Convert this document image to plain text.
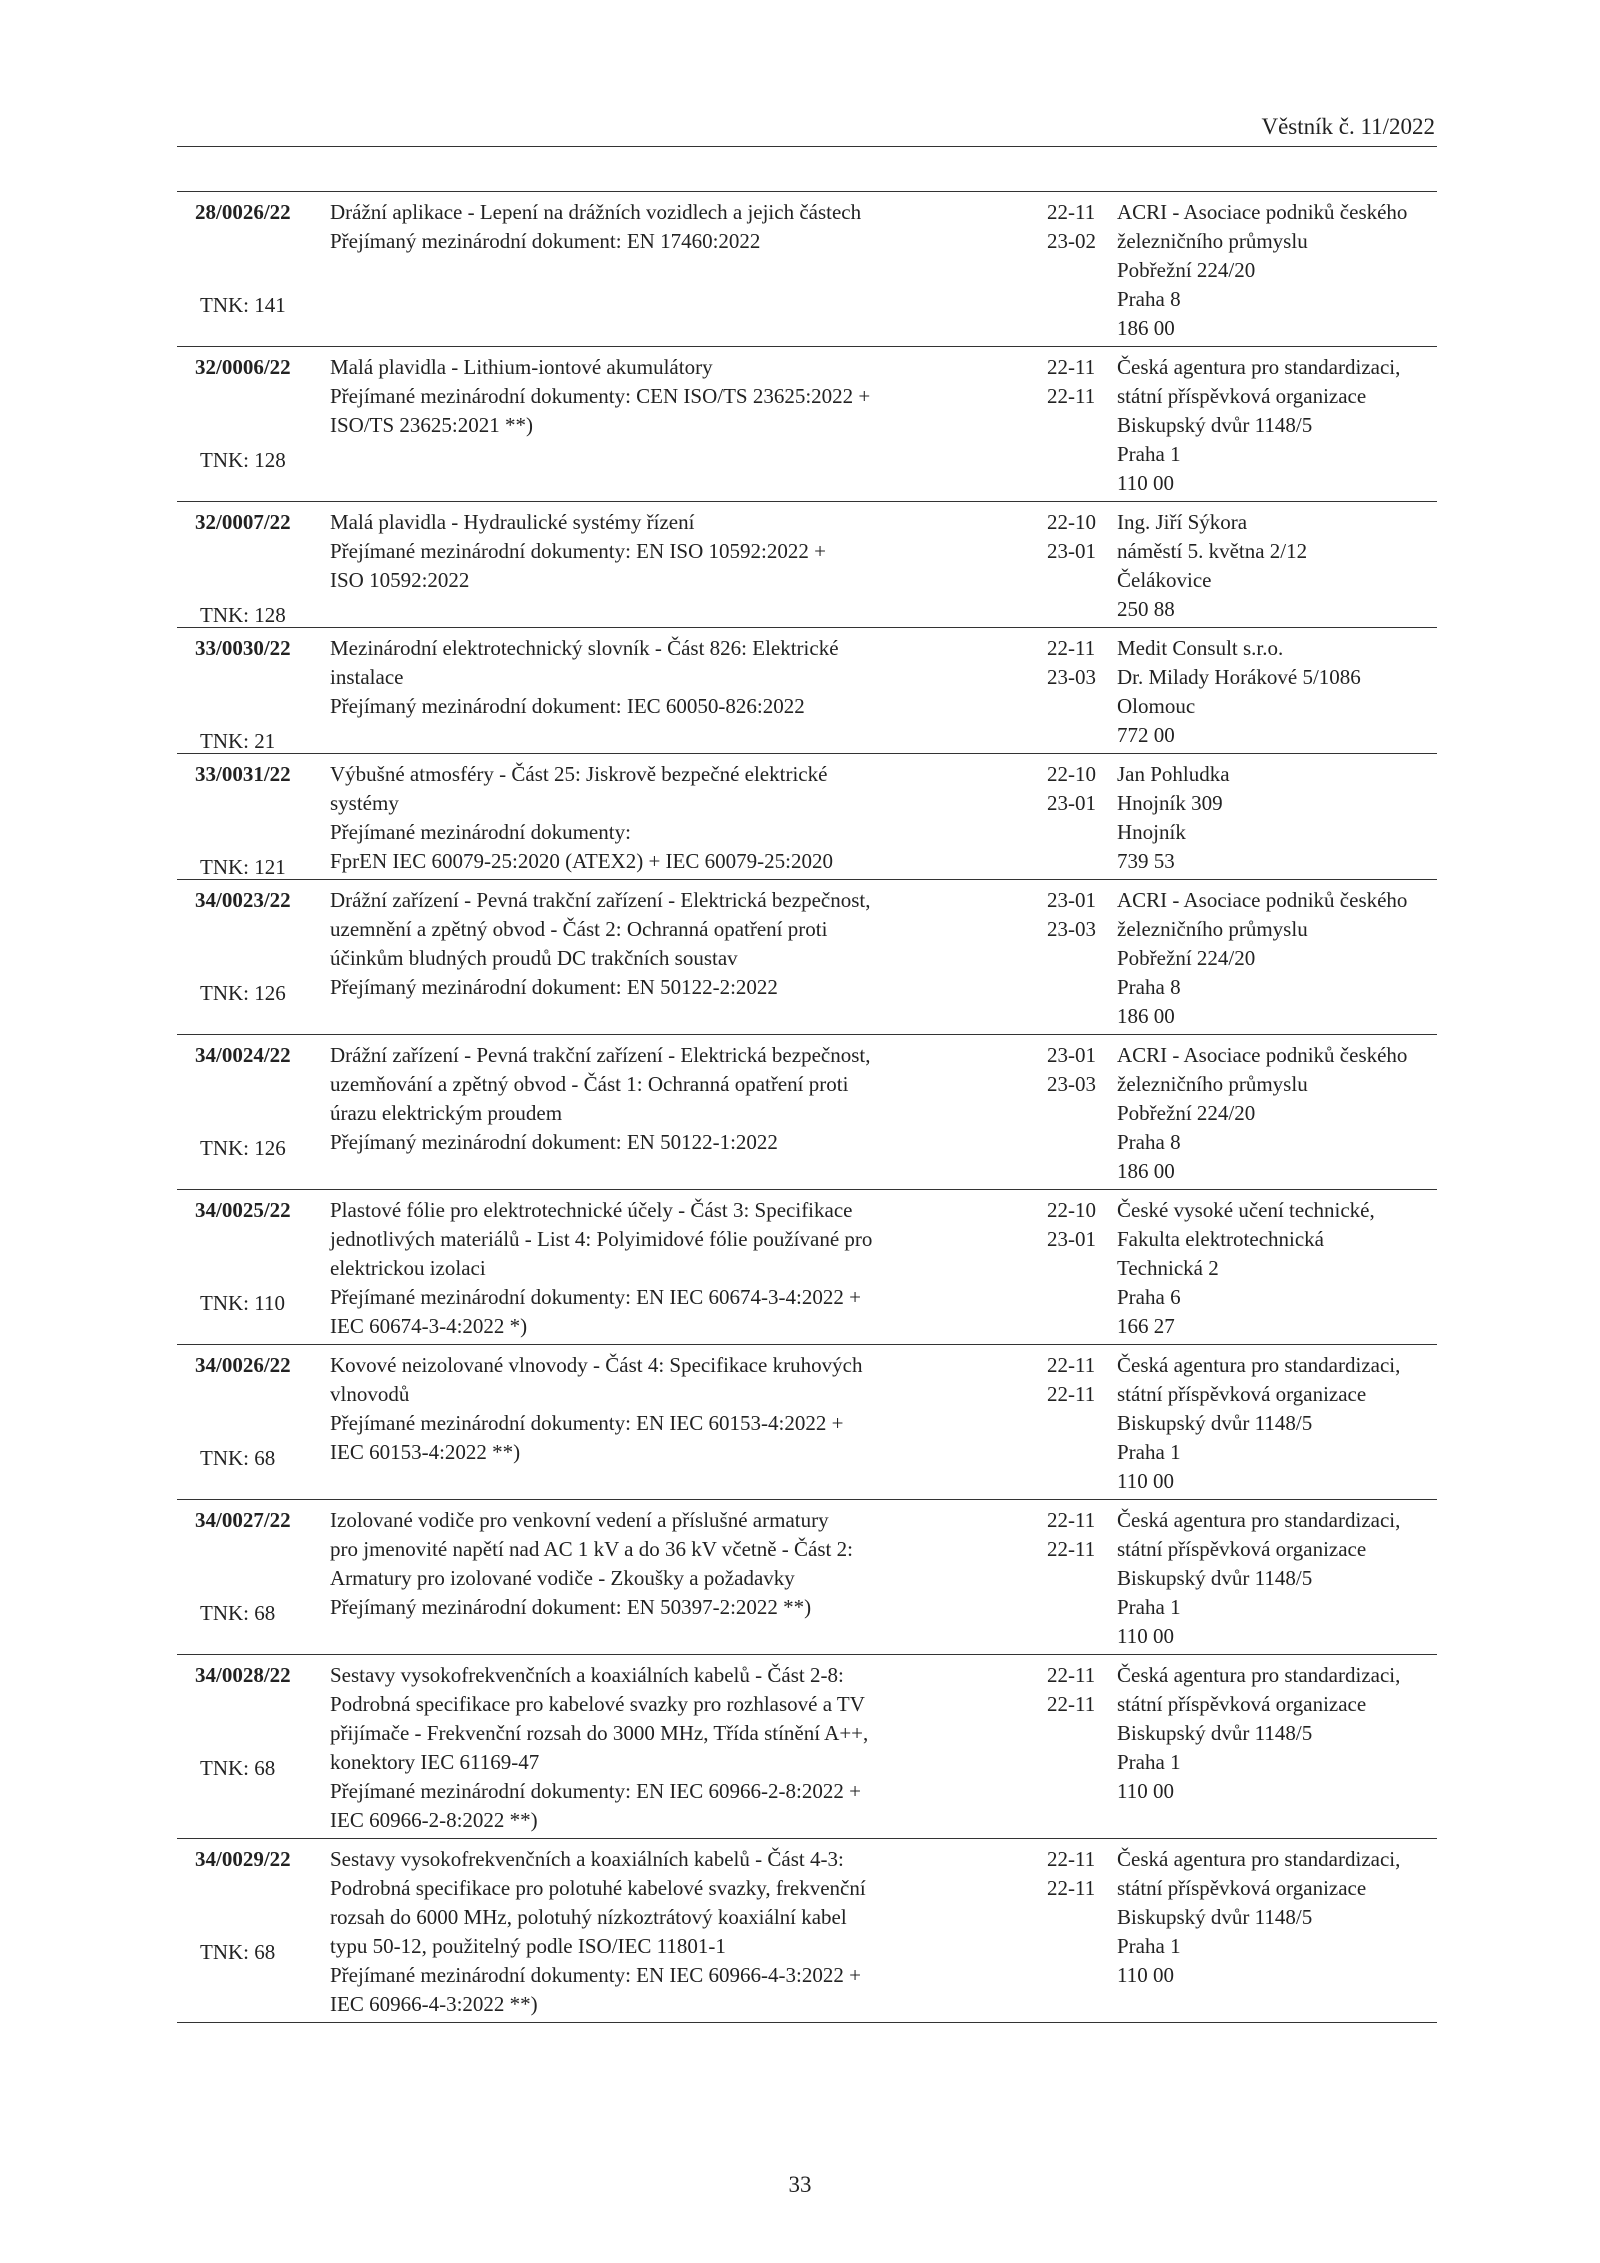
Věstník č. 11/2022
28/0026/22
TNK: 141
Drážní aplikace - Lepení na drážních vozidlech a jejich částech
Přejímaný mezinárodní dokument: EN 17460:2022
22-11
23-02
ACRI - Asociace podniků českého
železničního průmyslu
Pobřežní 224/20
Praha 8
186 00
32/0006/22
TNK: 128
Malá plavidla - Lithium-iontové akumulátory
Přejímané mezinárodní dokumenty: CEN ISO/TS 23625:2022 +
ISO/TS 23625:2021 **)
22-11
22-11
Česká agentura pro standardizaci,
státní příspěvková organizace
Biskupský dvůr 1148/5
Praha 1
110 00
32/0007/22
TNK: 128
Malá plavidla - Hydraulické systémy řízení
Přejímané mezinárodní dokumenty: EN ISO 10592:2022 +
ISO 10592:2022
22-10
23-01
Ing. Jiří Sýkora
náměstí 5. května 2/12
Čelákovice
250 88
33/0030/22
TNK: 21
Mezinárodní elektrotechnický slovník - Část 826: Elektrické
instalace
Přejímaný mezinárodní dokument: IEC 60050-826:2022
22-11
23-03
Medit Consult s.r.o.
Dr. Milady Horákové 5/1086
Olomouc
772 00
33/0031/22
TNK: 121
Výbušné atmosféry - Část 25: Jiskrově bezpečné elektrické
systémy
Přejímané mezinárodní dokumenty:
FprEN IEC 60079-25:2020 (ATEX2) + IEC 60079-25:2020
22-10
23-01
Jan Pohludka
Hnojník 309
Hnojník
739 53
34/0023/22
TNK: 126
Drážní zařízení - Pevná trakční zařízení - Elektrická bezpečnost,
uzemnění a zpětný obvod - Část 2: Ochranná opatření proti
účinkům bludných proudů DC trakčních soustav
Přejímaný mezinárodní dokument: EN 50122-2:2022
23-01
23-03
ACRI - Asociace podniků českého
železničního průmyslu
Pobřežní 224/20
Praha 8
186 00
34/0024/22
TNK: 126
Drážní zařízení - Pevná trakční zařízení - Elektrická bezpečnost,
uzemňování a zpětný obvod - Část 1: Ochranná opatření proti
úrazu elektrickým proudem
Přejímaný mezinárodní dokument: EN 50122-1:2022
23-01
23-03
ACRI - Asociace podniků českého
železničního průmyslu
Pobřežní 224/20
Praha 8
186 00
34/0025/22
TNK: 110
Plastové fólie pro elektrotechnické účely - Část 3: Specifikace
jednotlivých materiálů - List 4: Polyimidové fólie používané pro
elektrickou izolaci
Přejímané mezinárodní dokumenty: EN IEC 60674-3-4:2022 +
IEC 60674-3-4:2022 *)
22-10
23-01
České vysoké učení technické,
Fakulta elektrotechnická
Technická 2
Praha 6
166 27
34/0026/22
TNK: 68
Kovové neizolované vlnovody - Část 4: Specifikace kruhových
vlnovodů
Přejímané mezinárodní dokumenty: EN IEC 60153-4:2022 +
IEC 60153-4:2022 **)
22-11
22-11
Česká agentura pro standardizaci,
státní příspěvková organizace
Biskupský dvůr 1148/5
Praha 1
110 00
34/0027/22
TNK: 68
Izolované vodiče pro venkovní vedení a příslušné armatury
pro jmenovité napětí nad AC 1 kV a do 36 kV včetně - Část 2:
Armatury pro izolované vodiče - Zkoušky a požadavky
Přejímaný mezinárodní dokument: EN 50397-2:2022 **)
22-11
22-11
Česká agentura pro standardizaci,
státní příspěvková organizace
Biskupský dvůr 1148/5
Praha 1
110 00
34/0028/22
TNK: 68
Sestavy vysokofrekvenčních a koaxiálních kabelů - Část 2-8:
Podrobná specifikace pro kabelové svazky pro rozhlasové a TV
přijímače - Frekvenční rozsah do 3000 MHz, Třída stínění A++,
konektory IEC 61169-47
Přejímané mezinárodní dokumenty: EN IEC 60966-2-8:2022 +
IEC 60966-2-8:2022 **)
22-11
22-11
Česká agentura pro standardizaci,
státní příspěvková organizace
Biskupský dvůr 1148/5
Praha 1
110 00
34/0029/22
TNK: 68
Sestavy vysokofrekvenčních a koaxiálních kabelů - Část 4-3:
Podrobná specifikace pro polotuhé kabelové svazky, frekvenční
rozsah do 6000 MHz, polotuhý nízkoztrátový koaxiální kabel
typu 50-12, použitelný podle ISO/IEC 11801-1
Přejímané mezinárodní dokumenty: EN IEC 60966-4-3:2022 +
IEC 60966-4-3:2022 **)
22-11
22-11
Česká agentura pro standardizaci,
státní příspěvková organizace
Biskupský dvůr 1148/5
Praha 1
110 00
33
